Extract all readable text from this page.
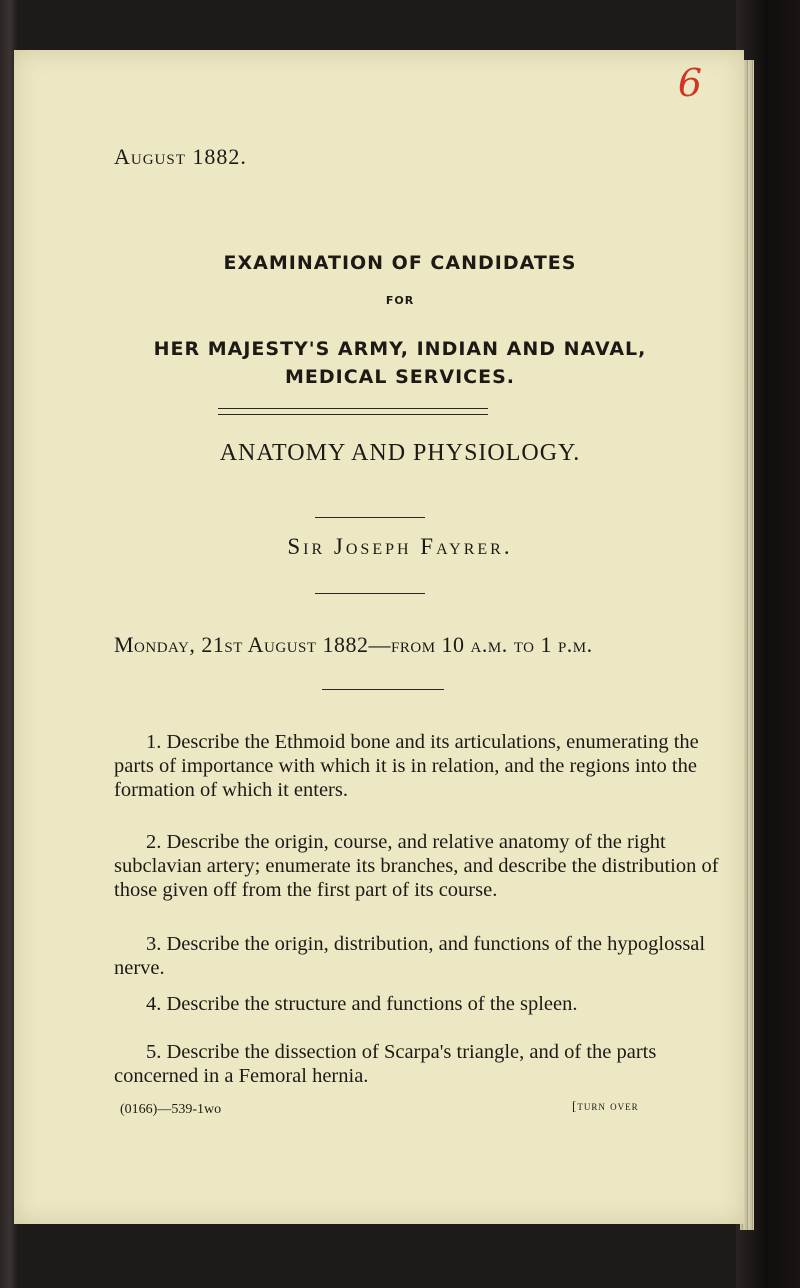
6
August 1882.
EXAMINATION OF CANDIDATES
FOR
HER MAJESTY'S ARMY, INDIAN AND NAVAL,
MEDICAL SERVICES.
ANATOMY AND PHYSIOLOGY.
Sir Joseph Fayrer.
Monday, 21st August 1882—from 10 a.m. to 1 p.m.

1. Describe the Ethmoid bone and its articulations, enumerating the parts of importance with which it is in relation, and the regions into the formation of which it enters.

2. Describe the origin, course, and relative anatomy of the right subclavian artery; enumerate its branches, and describe the distribution of those given off from the first part of its course.

3. Describe the origin, distribution, and functions of the hypoglossal nerve.

4. Describe the structure and functions of the spleen.

5. Describe the dissection of Scarpa's triangle, and of the parts concerned in a Femoral hernia.

(0166)—539-1wo	[turn over
